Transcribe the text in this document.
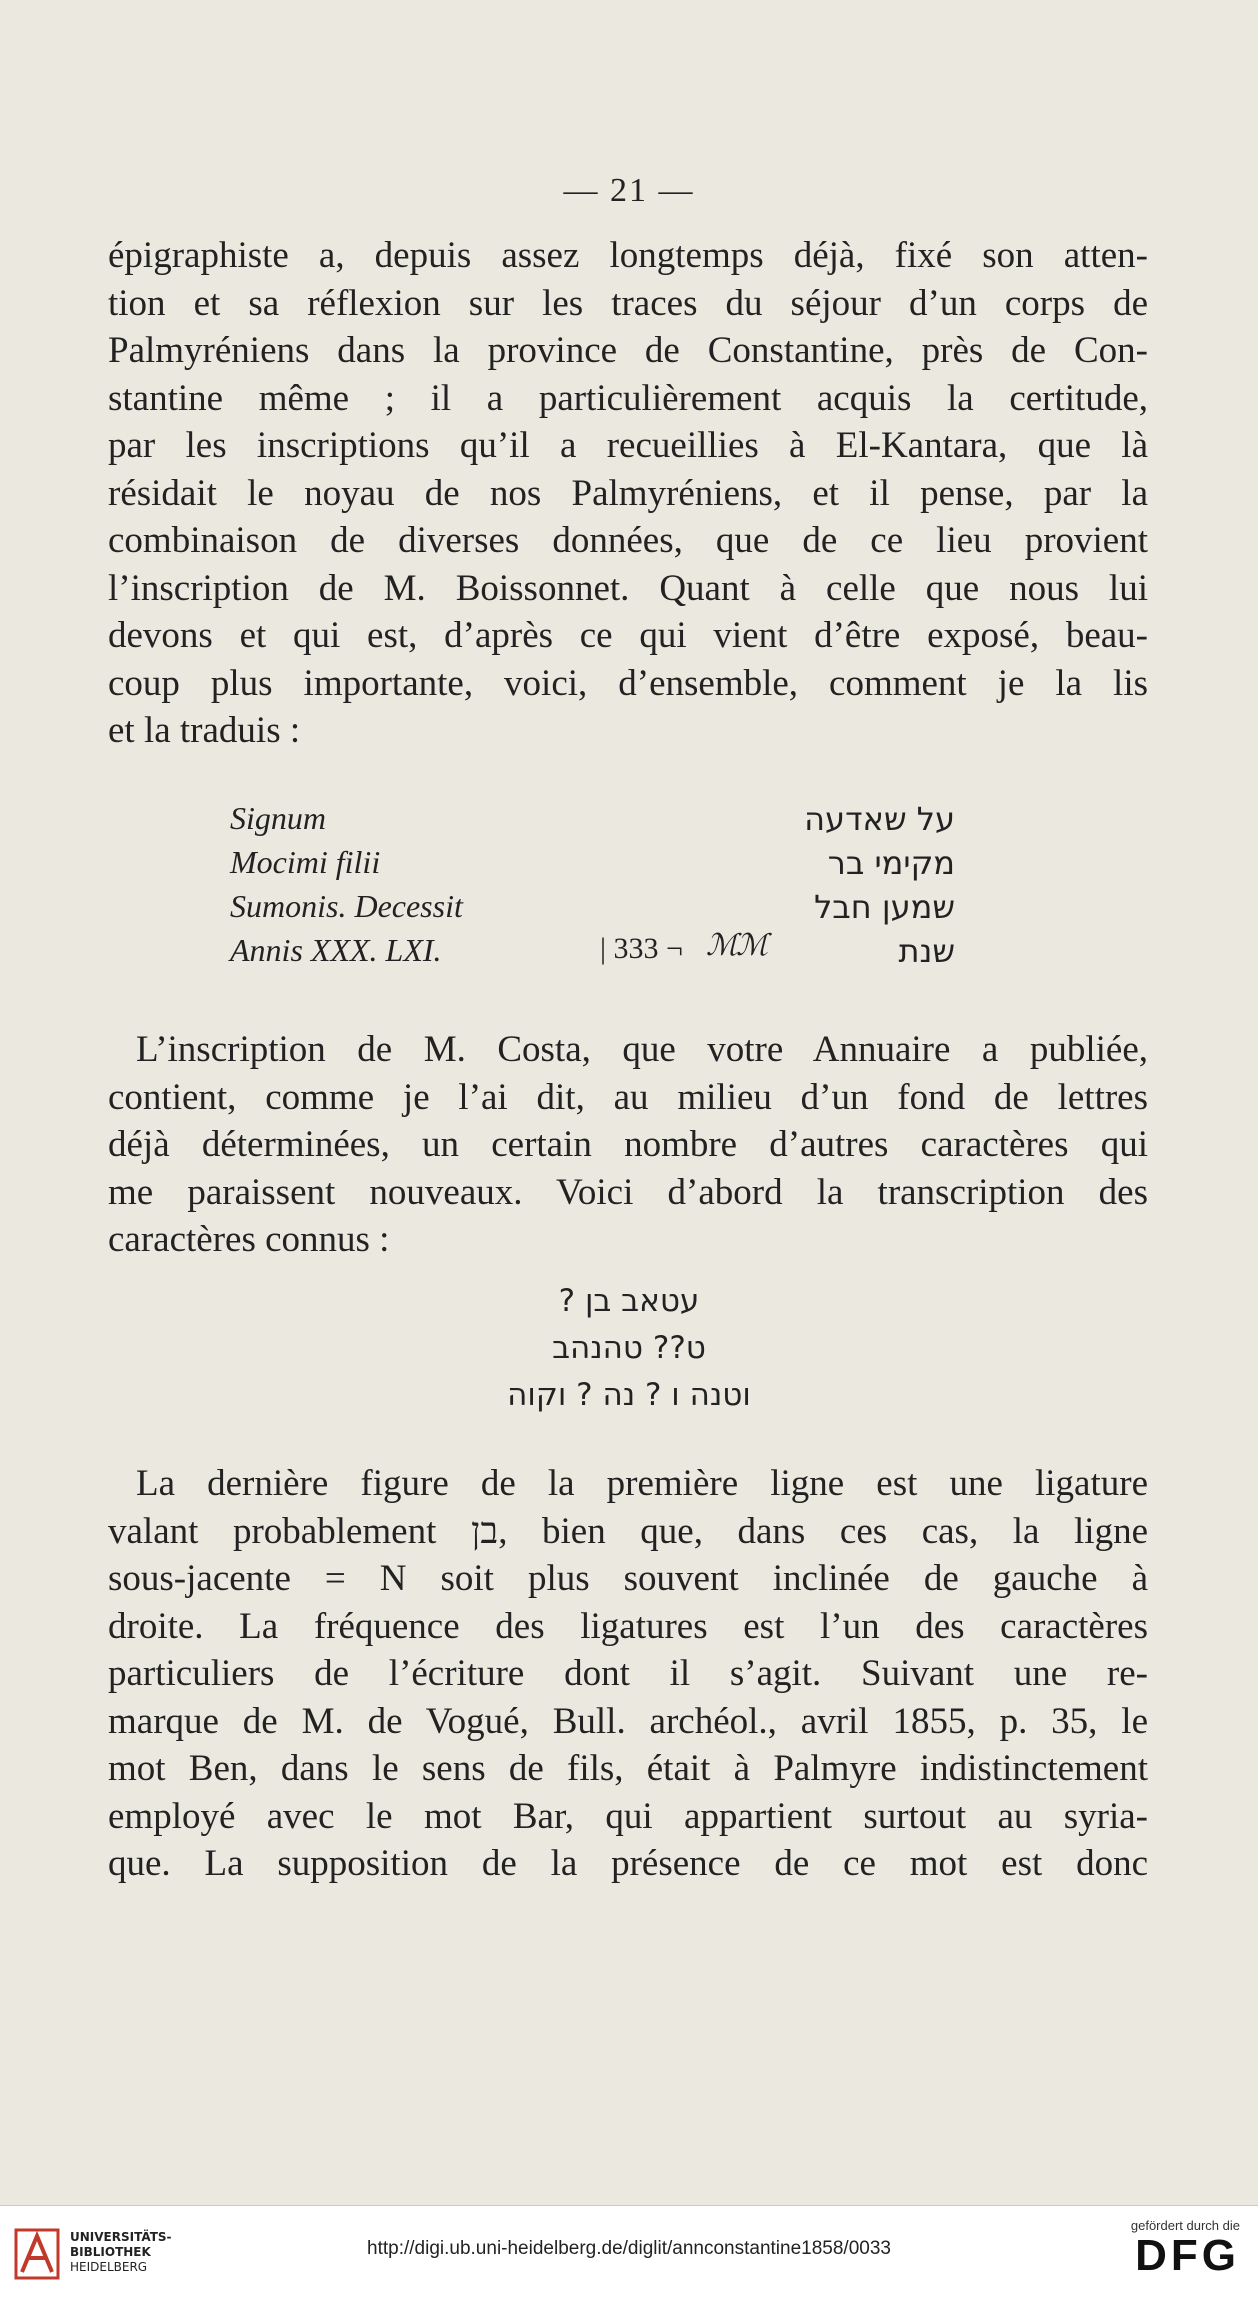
— 21 —
épigraphiste a, depuis assez longtemps déjà, fixé son atten-
tion et sa réflexion sur les traces du séjour d’un corps de
Palmyréniens dans la province de Constantine, près de Con-
stantine même ; il a particulièrement acquis la certitude,
par les inscriptions qu’il a recueillies à El-Kantara, que là
résidait le noyau de nos Palmyréniens, et il pense, par la
combinaison de diverses données, que de ce lieu provient
l’inscription de M. Boissonnet. Quant à celle que nous lui
devons et qui est, d’après ce qui vient d’être exposé, beau-
coup plus importante, voici, d’ensemble, comment je la lis
et la traduis :
Signum	על שאדעה
Mocimi filii	מקימי בר
Sumonis. Decessit	שמען חבל
Annis XXX. LXI.	| 333 ¬ ℳℳ	שנת
L’inscription de M. Costa, que votre Annuaire a publiée,
contient, comme je l’ai dit, au milieu d’un fond de lettres
déjà déterminées, un certain nombre d’autres caractères qui
me paraissent nouveaux. Voici d’abord la transcription des
caractères connus :
עטאב בן ?
ט?? טהנהב
וטנה ו ? נה ? וקוה
La dernière figure de la première ligne est une ligature
valant probablement בן, bien que, dans ces cas, la ligne
sous-jacente = N soit plus souvent inclinée de gauche à
droite. La fréquence des ligatures est l’un des caractères
particuliers de l’écriture dont il s’agit. Suivant une re-
marque de M. de Vogué, Bull. archéol., avril 1855, p. 35, le
mot Ben, dans le sens de fils, était à Palmyre indistinctement
employé avec le mot Bar, qui appartient surtout au syria-
que. La supposition de la présence de ce mot est donc
UNIVERSITÄTS-
BIBLIOTHEK
HEIDELBERG
http://digi.ub.uni-heidelberg.de/diglit/annconstantine1858/0033
gefördert durch die
DFG
